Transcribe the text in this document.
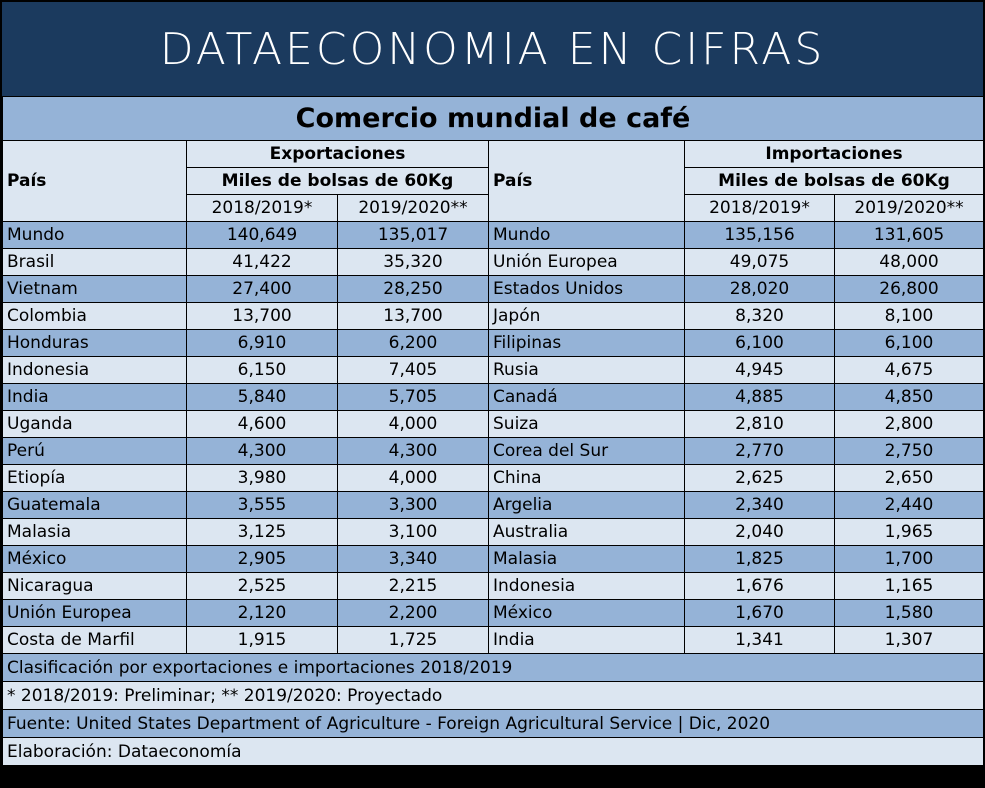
DATAECONOMIA EN CIFRAS
Comercio mundial de café					
País	Exportaciones		País	Importaciones	
	Miles de bolsas de 60Kg			Miles de bolsas de 60Kg	
	2018/2019*	2019/2020**		2018/2019*	2019/2020**
Mundo	140,649	135,017	Mundo	135,156	131,605
Brasil	41,422	35,320	Unión Europea	49,075	48,000
Vietnam	27,400	28,250	Estados Unidos	28,020	26,800
Colombia	13,700	13,700	Japón	8,320	8,100
Honduras	6,910	6,200	Filipinas	6,100	6,100
Indonesia	6,150	7,405	Rusia	4,945	4,675
India	5,840	5,705	Canadá	4,885	4,850
Uganda	4,600	4,000	Suiza	2,810	2,800
Perú	4,300	4,300	Corea del Sur	2,770	2,750
Etiopía	3,980	4,000	China	2,625	2,650
Guatemala	3,555	3,300	Argelia	2,340	2,440
Malasia	3,125	3,100	Australia	2,040	1,965
México	2,905	3,340	Malasia	1,825	1,700
Nicaragua	2,525	2,215	Indonesia	1,676	1,165
Unión Europea	2,120	2,200	México	1,670	1,580
Costa de Marfil	1,915	1,725	India	1,341	1,307
Clasificación por exportaciones e importaciones 2018/2019					
* 2018/2019: Preliminar; ** 2019/2020: Proyectado					
Fuente: United States Department of Agriculture - Foreign Agricultural Service | Dic, 2020					
Elaboración: Dataeconomía					
